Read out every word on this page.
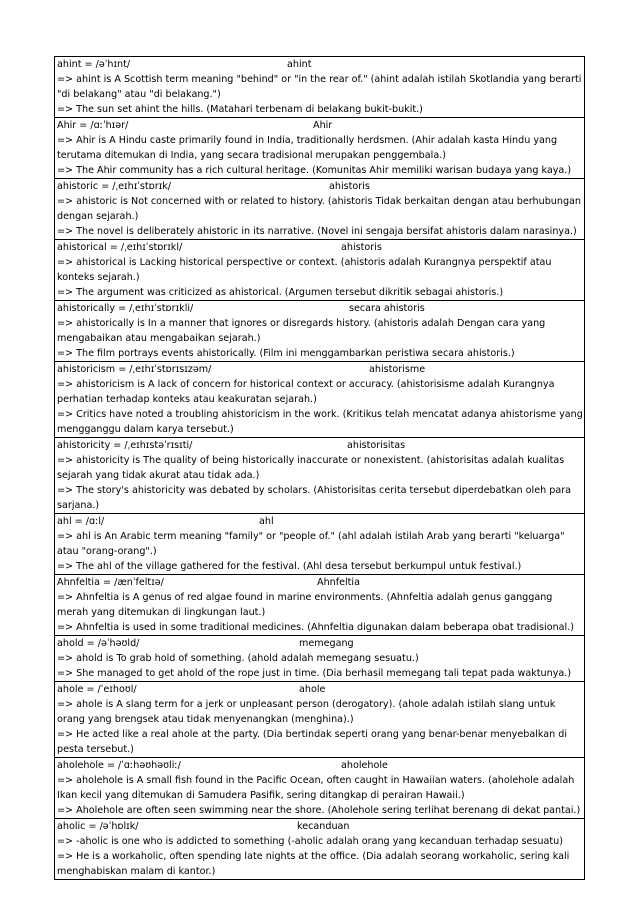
ahint = /əˈhɪnt/	ahint
=> ahint is A Scottish term meaning "behind" or "in the rear of." (ahint adalah istilah Skotlandia yang berarti "di belakang" atau "di belakang.")
=> The sun set ahint the hills. (Matahari terbenam di belakang bukit-bukit.)
Ahir = /ɑːˈhɪər/	Ahir
=> Ahir is A Hindu caste primarily found in India, traditionally herdsmen. (Ahir adalah kasta Hindu yang terutama ditemukan di India, yang secara tradisional merupakan penggembala.)
=> The Ahir community has a rich cultural heritage. (Komunitas Ahir memiliki warisan budaya yang kaya.)
ahistoric = /ˌeɪhɪˈstɒrɪk/	ahistoris
=> ahistoric is Not concerned with or related to history. (ahistoris Tidak berkaitan dengan atau berhubungan dengan sejarah.)
=> The novel is deliberately ahistoric in its narrative. (Novel ini sengaja bersifat ahistoris dalam narasinya.)
ahistorical = /ˌeɪhɪˈstɒrɪkl/	ahistoris
=> ahistorical is Lacking historical perspective or context. (ahistoris adalah Kurangnya perspektif atau konteks sejarah.)
=> The argument was criticized as ahistorical. (Argumen tersebut dikritik sebagai ahistoris.)
ahistorically = /ˌeɪhɪˈstɒrɪkli/	secara ahistoris
=> ahistorically is In a manner that ignores or disregards history. (ahistoris adalah Dengan cara yang mengabaikan atau mengabaikan sejarah.)
=> The film portrays events ahistorically. (Film ini menggambarkan peristiwa secara ahistoris.)
ahistoricism = /ˌeɪhɪˈstɒrɪsɪzəm/	ahistorisme
=> ahistoricism is A lack of concern for historical context or accuracy. (ahistorisisme adalah Kurangnya perhatian terhadap konteks atau keakuratan sejarah.)
=> Critics have noted a troubling ahistoricism in the work. (Kritikus telah mencatat adanya ahistorisme yang mengganggu dalam karya tersebut.)
ahistoricity = /ˌeɪhɪstəˈrɪsɪti/	ahistorisitas
=> ahistoricity is The quality of being historically inaccurate or nonexistent. (ahistorisitas adalah kualitas sejarah yang tidak akurat atau tidak ada.)
=> The story's ahistoricity was debated by scholars. (Ahistorisitas cerita tersebut diperdebatkan oleh para sarjana.)
ahl = /ɑːl/	ahl
=> ahl is An Arabic term meaning "family" or "people of." (ahl adalah istilah Arab yang berarti "keluarga" atau "orang-orang".)
=> The ahl of the village gathered for the festival. (Ahl desa tersebut berkumpul untuk festival.)
Ahnfeltia = /ænˈfeltɪə/	Ahnfeltia
=> Ahnfeltia is A genus of red algae found in marine environments. (Ahnfeltia adalah genus ganggang merah yang ditemukan di lingkungan laut.)
=> Ahnfeltia is used in some traditional medicines. (Ahnfeltia digunakan dalam beberapa obat tradisional.)
ahold = /əˈhəʊld/	memegang
=> ahold is To grab hold of something. (ahold adalah memegang sesuatu.)
=> She managed to get ahold of the rope just in time. (Dia berhasil memegang tali tepat pada waktunya.)
ahole = /ˈeɪhoʊl/	ahole
=> ahole is A slang term for a jerk or unpleasant person (derogatory). (ahole adalah istilah slang untuk orang yang brengsek atau tidak menyenangkan (menghina).)
=> He acted like a real ahole at the party. (Dia bertindak seperti orang yang benar-benar menyebalkan di pesta tersebut.)
aholehole = /ˈɑːhəʊhəʊliː/	aholehole
=> aholehole is A small fish found in the Pacific Ocean, often caught in Hawaiian waters. (aholehole adalah Ikan kecil yang ditemukan di Samudera Pasifik, sering ditangkap di perairan Hawaii.)
=> Aholehole are often seen swimming near the shore. (Aholehole sering terlihat berenang di dekat pantai.)
aholic = /əˈhɒlɪk/	kecanduan
=> -aholic is one who is addicted to something (-aholic adalah orang yang kecanduan terhadap sesuatu)
=> He is a workaholic, often spending late nights at the office. (Dia adalah seorang workaholic, sering kali menghabiskan malam di kantor.)
